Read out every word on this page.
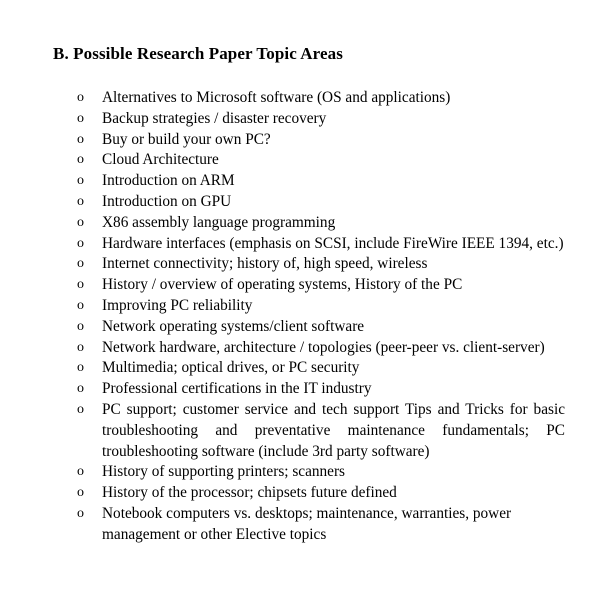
B. Possible Research Paper Topic Areas
o Alternatives to Microsoft software (OS and applications)
o Backup strategies / disaster recovery
o Buy or build your own PC?
o Cloud Architecture
o Introduction on ARM
o Introduction on GPU
o X86 assembly language programming
o Hardware interfaces (emphasis on SCSI, include FireWire IEEE 1394, etc.)
o Internet connectivity; history of, high speed, wireless
o History / overview of operating systems, History of the PC
o Improving PC reliability
o Network operating systems/client software
o Network hardware, architecture / topologies (peer-peer vs. client-server)
o Multimedia; optical drives, or PC security
o Professional certifications in the IT industry
o PC support; customer service and tech support Tips and Tricks for basic troubleshooting and preventative maintenance fundamentals; PC troubleshooting software (include 3rd party software)
o History of supporting printers; scanners
o History of the processor; chipsets future defined
o Notebook computers vs. desktops; maintenance, warranties, power management or other Elective topics
